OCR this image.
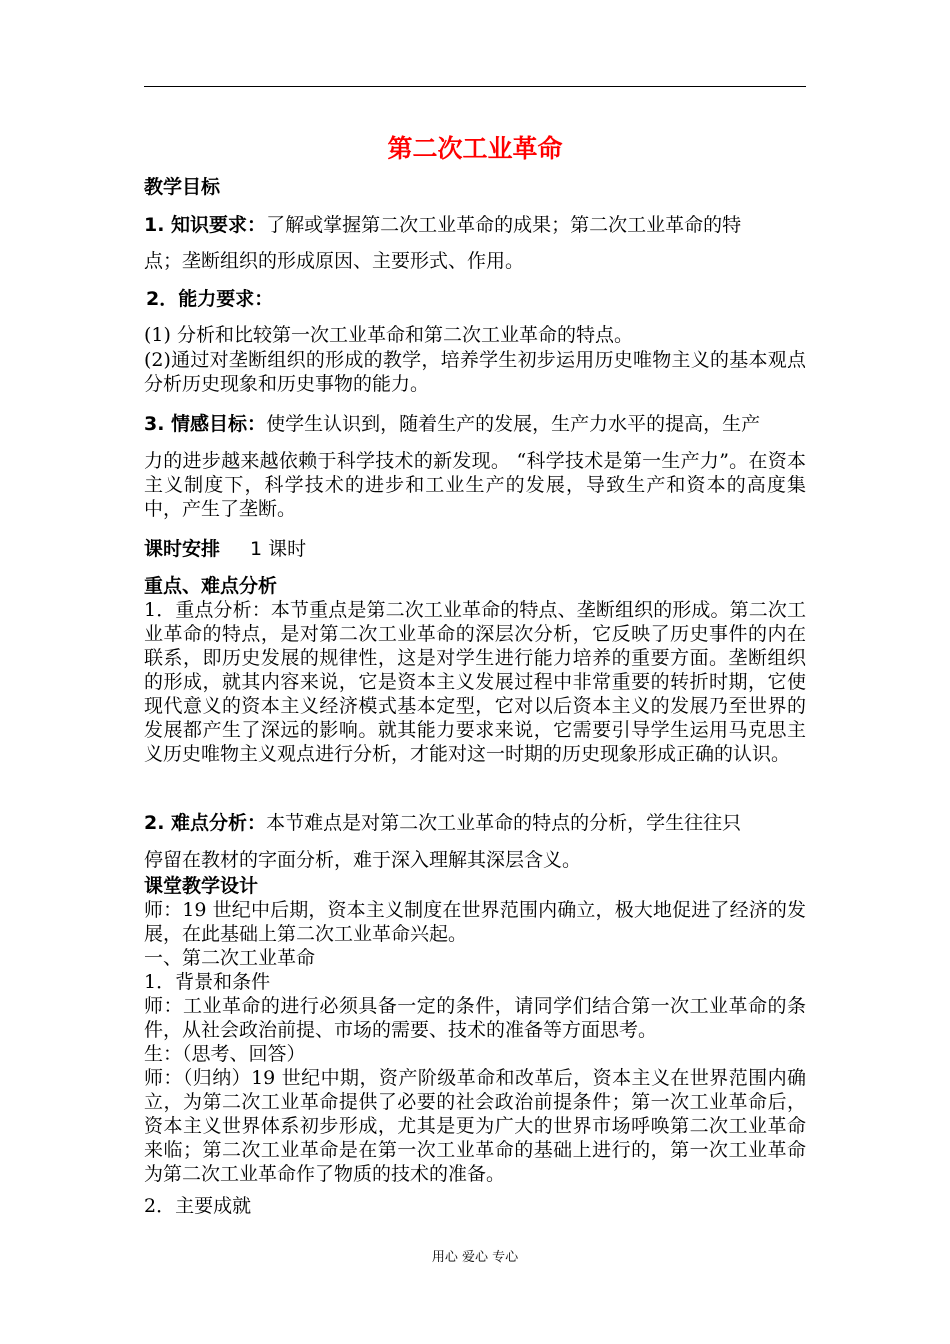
第二次工业革命
教学目标

1. 知识要求：了解或掌握第二次工业革命的成果；第二次工业革命的特

点；垄断组织的形成原因、主要形式、作用。

2．能力要求：

(1) 分析和比较第一次工业革命和第二次工业革命的特点。

(2)通过对垄断组织的形成的教学，培养学生初步运用历史唯物主义的基本观点分析历史现象和历史事物的能力。

3. 情感目标：使学生认识到，随着生产的发展，生产力水平的提高，生产

力的进步越来越依赖于科学技术的新发现。 “科学技术是第一生产力”。在资本主义制度下，科学技术的进步和工业生产的发展，导致生产和资本的高度集中，产生了垄断。

课时安排 1 课时
重点、难点分析

1．重点分析：本节重点是第二次工业革命的特点、垄断组织的形成。第二次工业革命的特点，是对第二次工业革命的深层次分析，它反映了历史事件的内在联系，即历史发展的规律性，这是对学生进行能力培养的重要方面。垄断组织的形成，就其内容来说，它是资本主义发展过程中非常重要的转折时期，它使现代意义的资本主义经济模式基本定型，它对以后资本主义的发展乃至世界的发展都产生了深远的影响。就其能力要求来说，它需要引导学生运用马克思主义历史唯物主义观点进行分析，才能对这一时期的历史现象形成正确的认识。

2. 难点分析：本节难点是对第二次工业革命的特点的分析，学生往往只

停留在教材的字面分析，难于深入理解其深层含义。

课堂教学设计

师：19 世纪中后期，资本主义制度在世界范围内确立，极大地促进了经济的发展，在此基础上第二次工业革命兴起。

一、第二次工业革命

1．背景和条件

师：工业革命的进行必须具备一定的条件，请同学们结合第一次工业革命的条件，从社会政治前提、市场的需要、技术的准备等方面思考。

生：（思考、回答）

师：（归纳）19 世纪中期，资产阶级革命和改革后，资本主义在世界范围内确立，为第二次工业革命提供了必要的社会政治前提条件；第一次工业革命后，资本主义世界体系初步形成，尤其是更为广大的世界市场呼唤第二次工业革命来临；第二次工业革命是在第一次工业革命的基础上进行的，第一次工业革命为第二次工业革命作了物质的技术的准备。

2．主要成就

用心 爱心 专心
